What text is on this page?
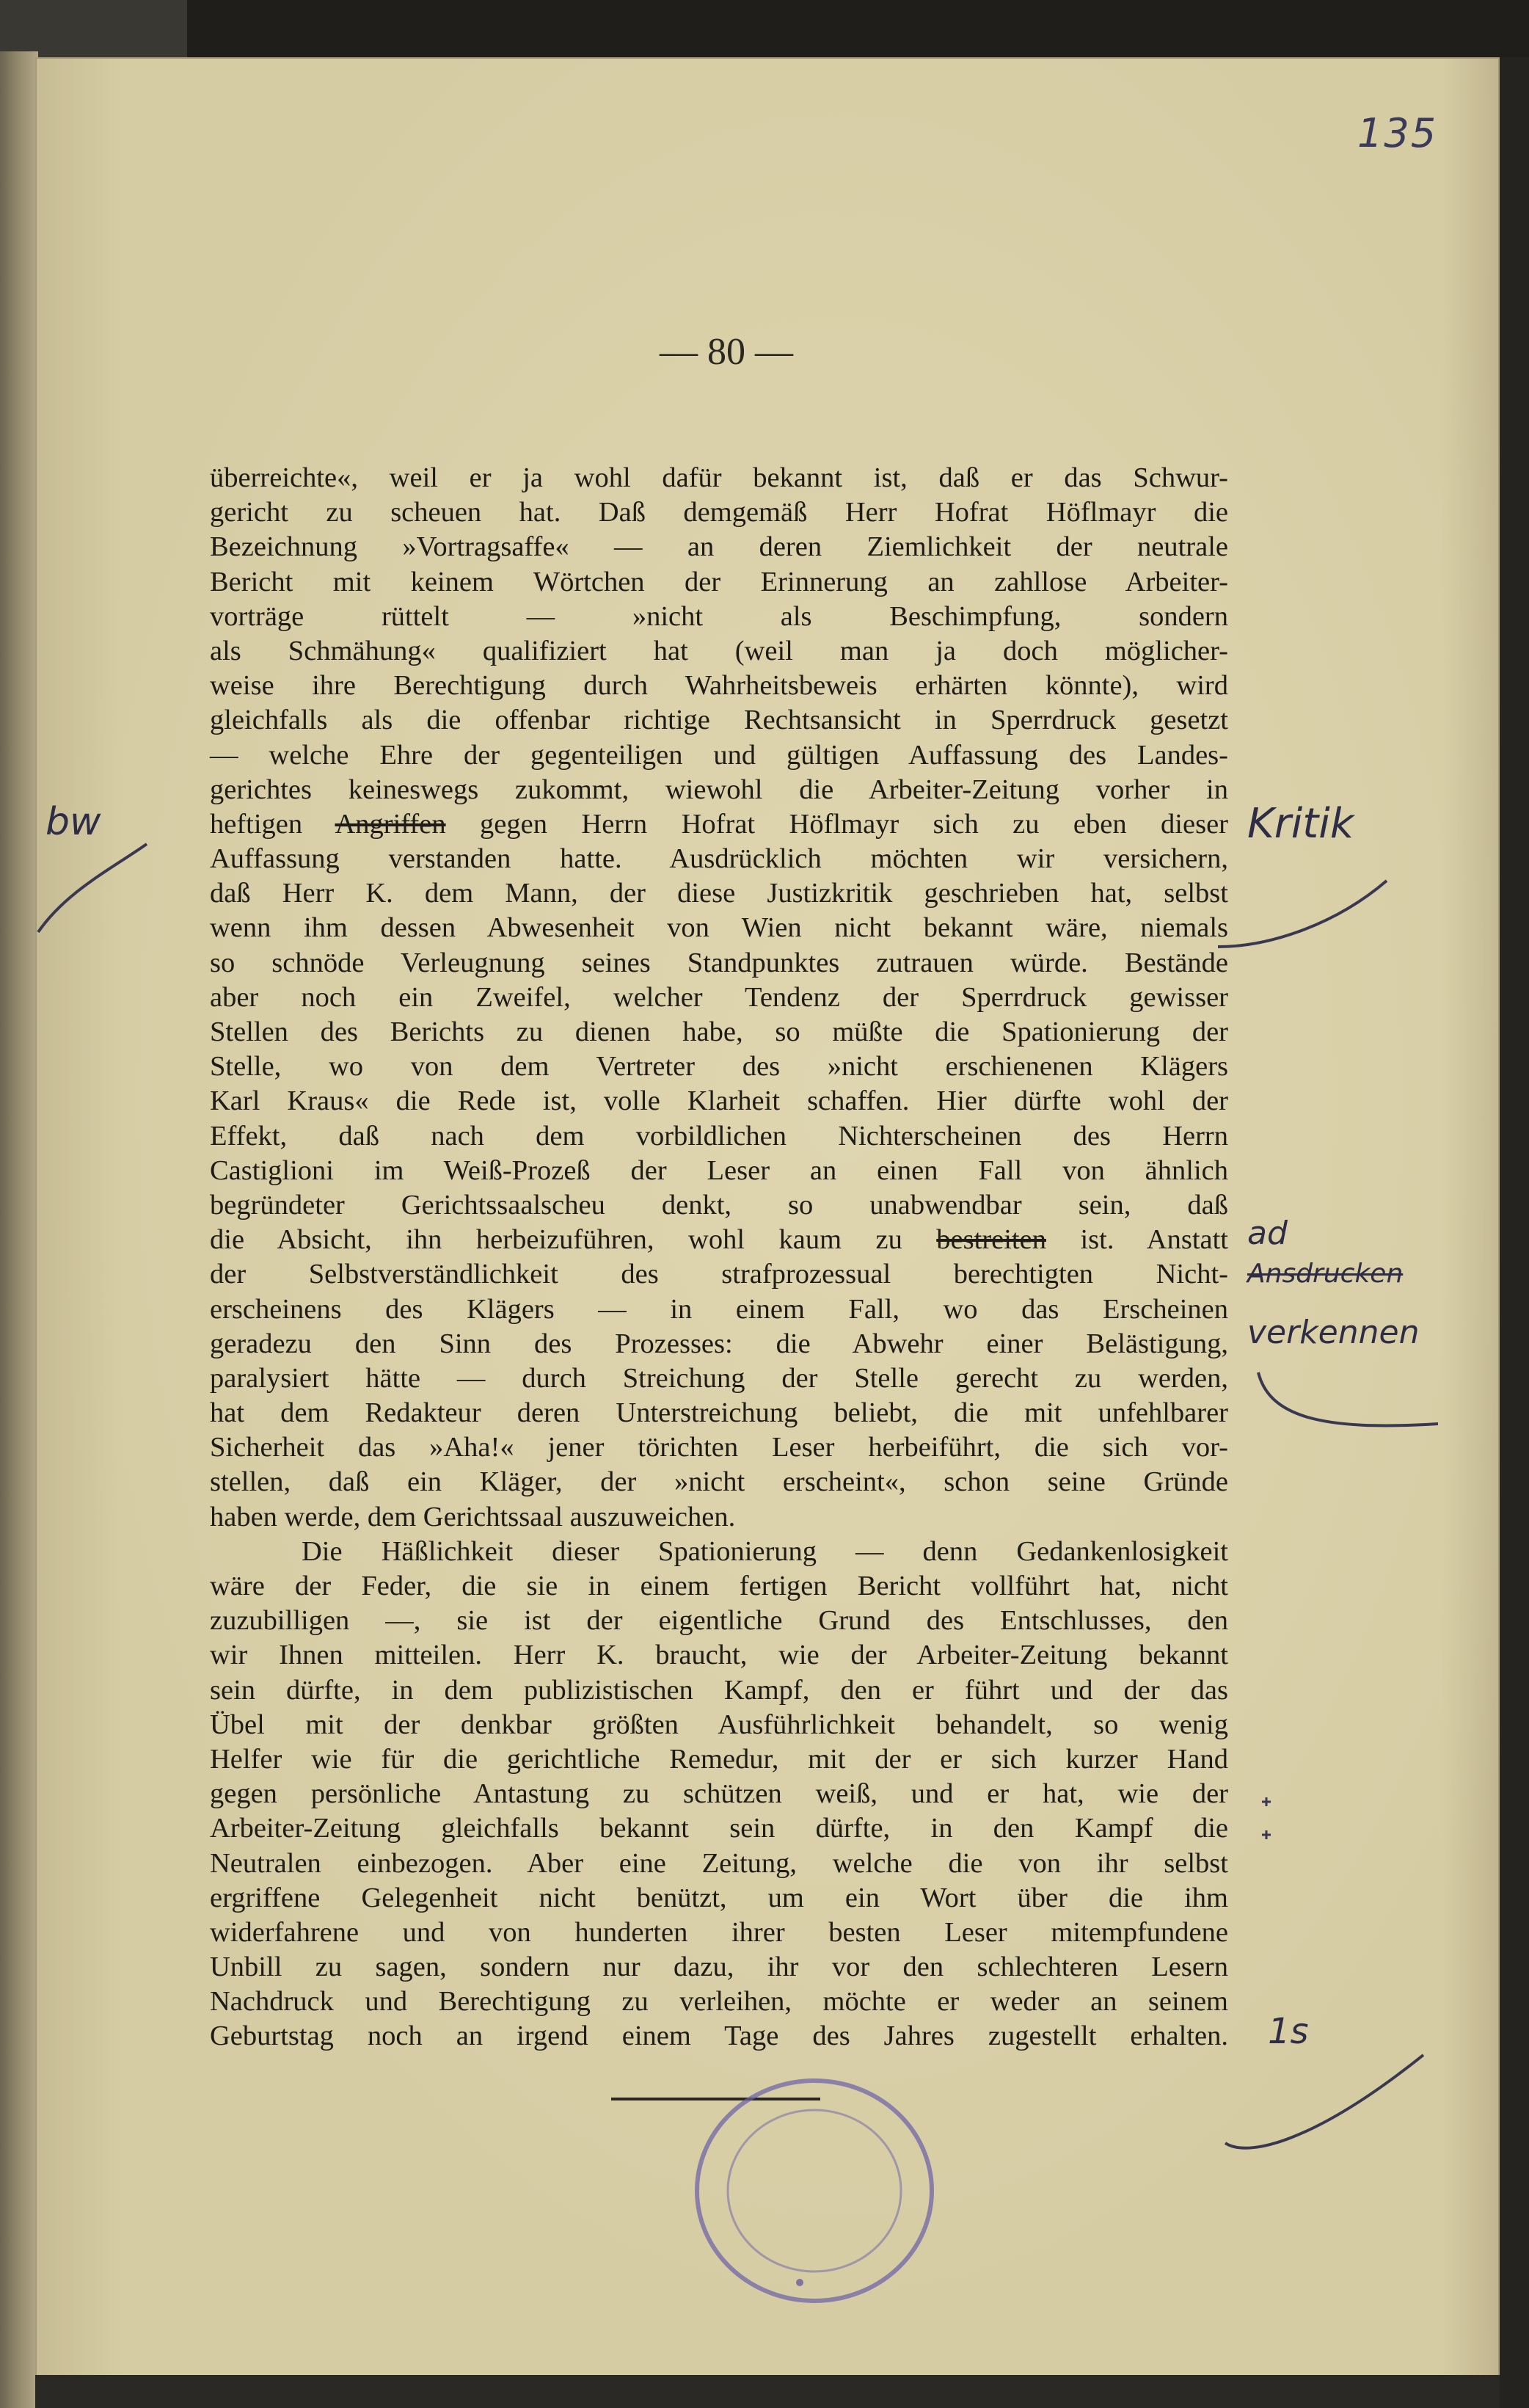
135
— 80 —
überreichte«, weil er ja wohl dafür bekannt ist, daß er das Schwur-
gericht zu scheuen hat. Daß demgemäß Herr Hofrat Höflmayr die
Bezeichnung »Vortragsaffe« — an deren Ziemlichkeit der neutrale
Bericht mit keinem Wörtchen der Erinnerung an zahllose Arbeiter-
vorträge rüttelt — »nicht als Beschimpfung, sondern
als Schmähung« qualifiziert hat (weil man ja doch möglicher-
weise ihre Berechtigung durch Wahrheitsbeweis erhärten könnte), wird
gleichfalls als die offenbar richtige Rechtsansicht in Sperrdruck gesetzt
— welche Ehre der gegenteiligen und gültigen Auffassung des Landes-
gerichtes keineswegs zukommt, wiewohl die Arbeiter-Zeitung vorher in
heftigen Angriffen gegen Herrn Hofrat Höflmayr sich zu eben dieser
Auffassung verstanden hatte. Ausdrücklich möchten wir versichern,
daß Herr K. dem Mann, der diese Justizkritik geschrieben hat, selbst
wenn ihm dessen Abwesenheit von Wien nicht bekannt wäre, niemals
so schnöde Verleugnung seines Standpunktes zutrauen würde. Bestände
aber noch ein Zweifel, welcher Tendenz der Sperrdruck gewisser
Stellen des Berichts zu dienen habe, so müßte die Spationierung der
Stelle, wo von dem Vertreter des »nicht erschienenen Klägers
Karl Kraus« die Rede ist, volle Klarheit schaffen. Hier dürfte wohl der
Effekt, daß nach dem vorbildlichen Nichterscheinen des Herrn
Castiglioni im Weiß-Prozeß der Leser an einen Fall von ähnlich
begründeter Gerichtssaalscheu denkt, so unabwendbar sein, daß
die Absicht, ihn herbeizuführen, wohl kaum zu bestreiten ist. Anstatt
der Selbstverständlichkeit des strafprozessual berechtigten Nicht-
erscheinens des Klägers — in einem Fall, wo das Erscheinen
geradezu den Sinn des Prozesses: die Abwehr einer Belästigung,
paralysiert hätte — durch Streichung der Stelle gerecht zu werden,
hat dem Redakteur deren Unterstreichung beliebt, die mit unfehlbarer
Sicherheit das »Aha!« jener törichten Leser herbeiführt, die sich vor-
stellen, daß ein Kläger, der »nicht erscheint«, schon seine Gründe
haben werde, dem Gerichtssaal auszuweichen.
Die Häßlichkeit dieser Spationierung — denn Gedankenlosigkeit
wäre der Feder, die sie in einem fertigen Bericht vollführt hat, nicht
zuzubilligen —, sie ist der eigentliche Grund des Entschlusses, den
wir Ihnen mitteilen. Herr K. braucht, wie der Arbeiter-Zeitung bekannt
sein dürfte, in dem publizistischen Kampf, den er führt und der das
Übel mit der denkbar größten Ausführlichkeit behandelt, so wenig
Helfer wie für die gerichtliche Remedur, mit der er sich kurzer Hand
gegen persönliche Antastung zu schützen weiß, und er hat, wie der
Arbeiter-Zeitung gleichfalls bekannt sein dürfte, in den Kampf die
Neutralen einbezogen. Aber eine Zeitung, welche die von ihr selbst
ergriffene Gelegenheit nicht benützt, um ein Wort über die ihm
widerfahrene und von hunderten ihrer besten Leser mitempfundene
Unbill zu sagen, sondern nur dazu, ihr vor den schlechteren Lesern
Nachdruck und Berechtigung zu verleihen, möchte er weder an seinem
Geburtstag noch an irgend einem Tage des Jahres zugestellt erhalten.
bw	Kritik
ad
Ansdrucken
verkennen
1s
